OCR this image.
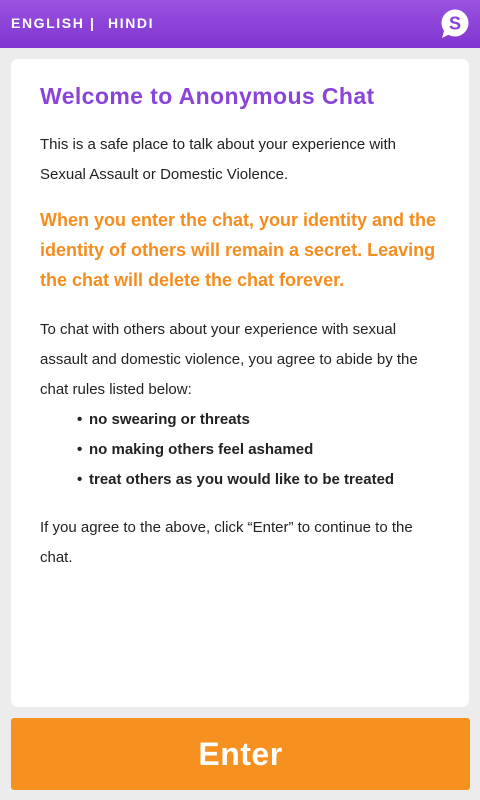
ENGLISH | HINDI	S
Welcome to Anonymous Chat

This is a safe place to talk about your experience with Sexual Assault or Domestic Violence.

When you enter the chat, your identity and the identity of others will remain a secret. Leaving the chat will delete the chat forever.

To chat with others about your experience with sexual assault and domestic violence, you agree to abide by the chat rules listed below:

• no swearing or threats
• no making others feel ashamed
• treat others as you would like to be treated

If you agree to the above, click “Enter” to continue to the chat.

Enter
